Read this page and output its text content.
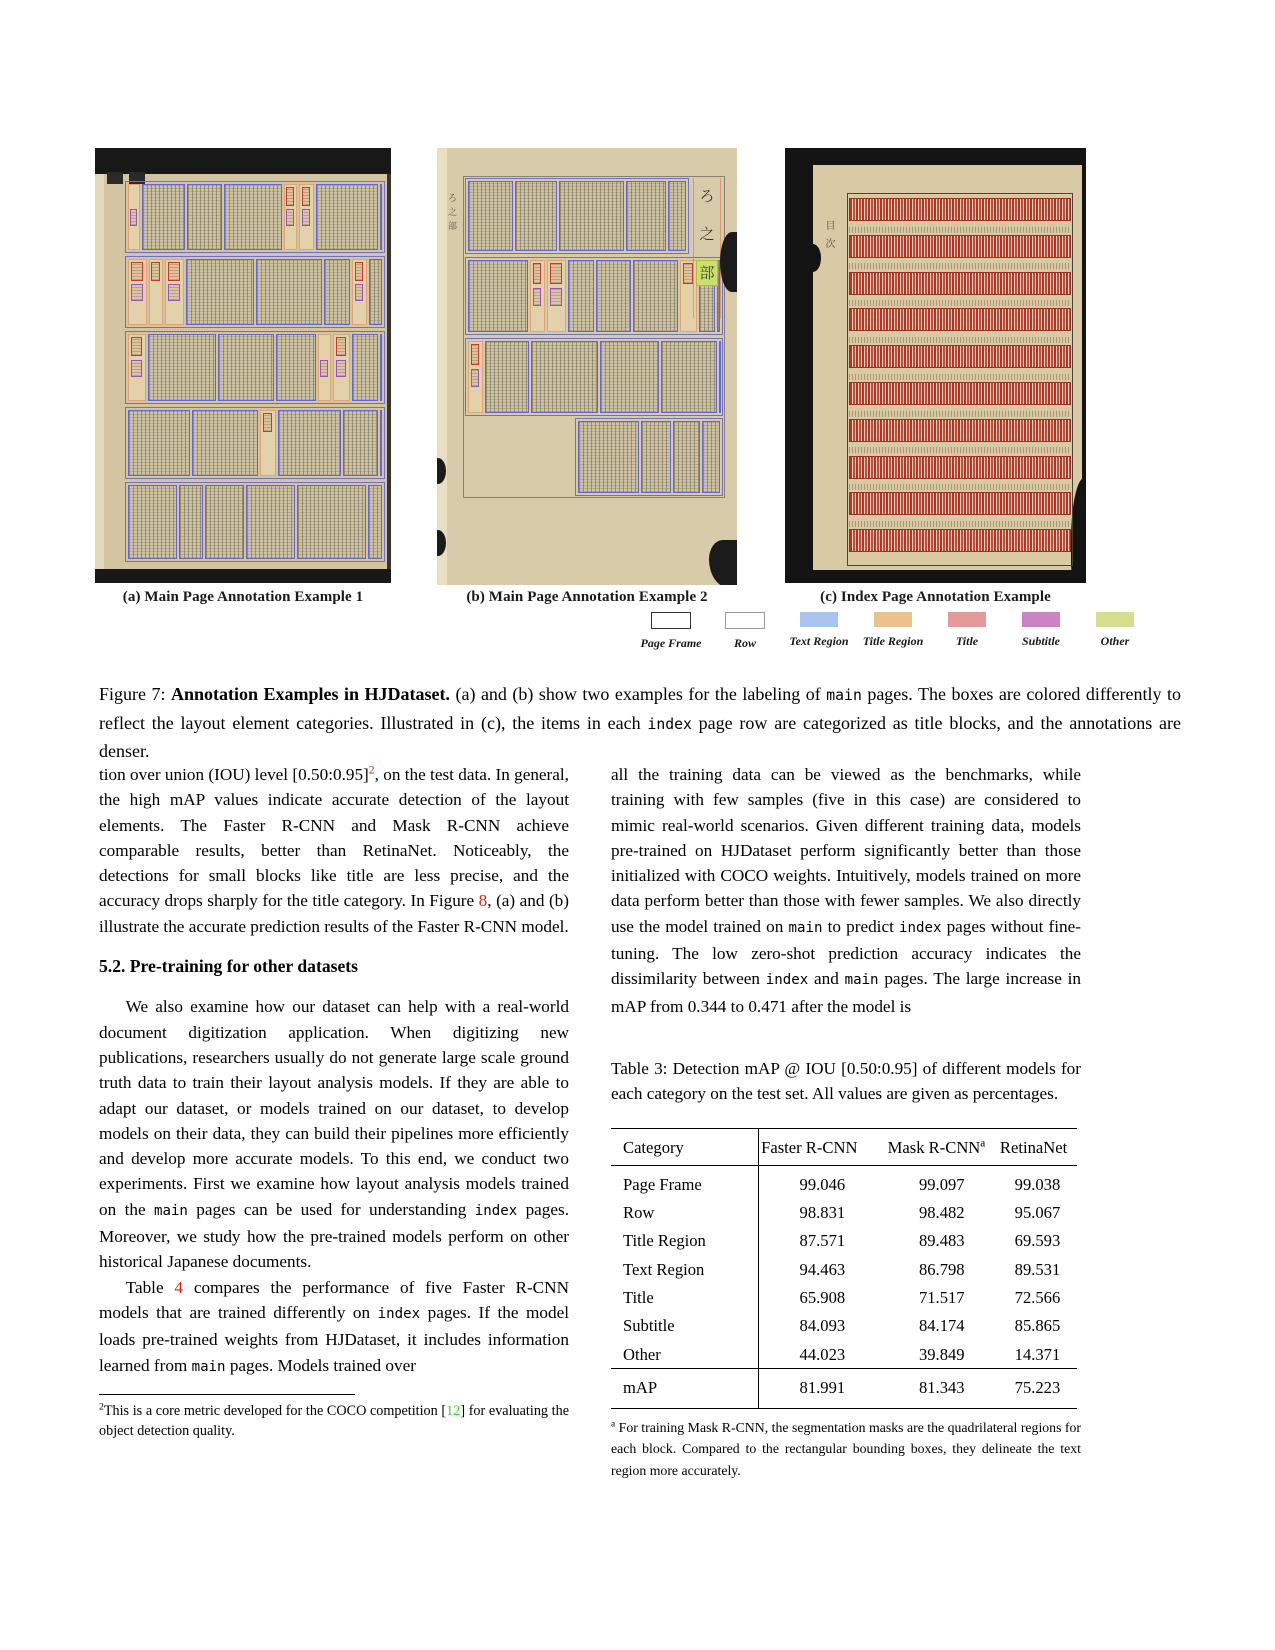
ろ
之
部
ろ之部
目次
(a) Main Page Annotation Example 1	(b) Main Page Annotation Example 2	(c) Index Page Annotation Example
Page Frame	Row	Text Region Title Region	Title	Subtitle	Other

Figure 7: Annotation Examples in HJDataset. (a) and (b) show two examples for the labeling of main pages. The boxes are colored differently to reflect the layout element categories. Illustrated in (c), the items in each index page row are categorized as title blocks, and the annotations are denser.

tion over union (IOU) level [0.50:0.95]$^2$, on the test data. In general, the high mAP values indicate accurate detection of the layout elements. The Faster R-CNN and Mask R-CNN achieve comparable results, better than RetinaNet. Noticeably, the detections for small blocks like title are less precise, and the accuracy drops sharply for the title category. In Figure 8, (a) and (b) illustrate the accurate prediction results of the Faster R-CNN model.

5.2. Pre-training for other datasets

We also examine how our dataset can help with a real-world document digitization application. When digitizing new publications, researchers usually do not generate large scale ground truth data to train their layout analysis models. If they are able to adapt our dataset, or models trained on our dataset, to develop models on their data, they can build their pipelines more efficiently and develop more accurate models. To this end, we conduct two experiments. First we examine how layout analysis models trained on the main pages can be used for understanding index pages. Moreover, we study how the pre-trained models perform on other historical Japanese documents.

Table 4 compares the performance of five Faster R-CNN models that are trained differently on index pages. If the model loads pre-trained weights from HJDataset, it includes information learned from main pages. Models trained over

$^2$This is a core metric developed for the COCO competition [12] for evaluating the object detection quality.

all the training data can be viewed as the benchmarks, while training with few samples (five in this case) are considered to mimic real-world scenarios. Given different training data, models pre-trained on HJDataset perform significantly better than those initialized with COCO weights. Intuitively, models trained on more data perform better than those with fewer samples. We also directly use the model trained on main to predict index pages without fine-tuning. The low zero-shot prediction accuracy indicates the dissimilarity between index and main pages. The large increase in mAP from 0.344 to 0.471 after the model is

Table 3: Detection mAP @ IOU [0.50:0.95] of different models for each category on the test set. All values are given as percentages.

Category	Faster R-CNN	Mask R-CNN$^a$	RetinaNet
Page Frame	99.046	99.097	99.038
Row	98.831	98.482	95.067
Title Region	87.571	89.483	69.593
Text Region	94.463	86.798	89.531
Title	65.908	71.517	72.566
Subtitle	84.093	84.174	85.865
Other	44.023	39.849	14.371
mAP	81.991	81.343	75.223

$^a$ For training Mask R-CNN, the segmentation masks are the quadrilateral regions for each block. Compared to the rectangular bounding boxes, they delineate the text region more accurately.
